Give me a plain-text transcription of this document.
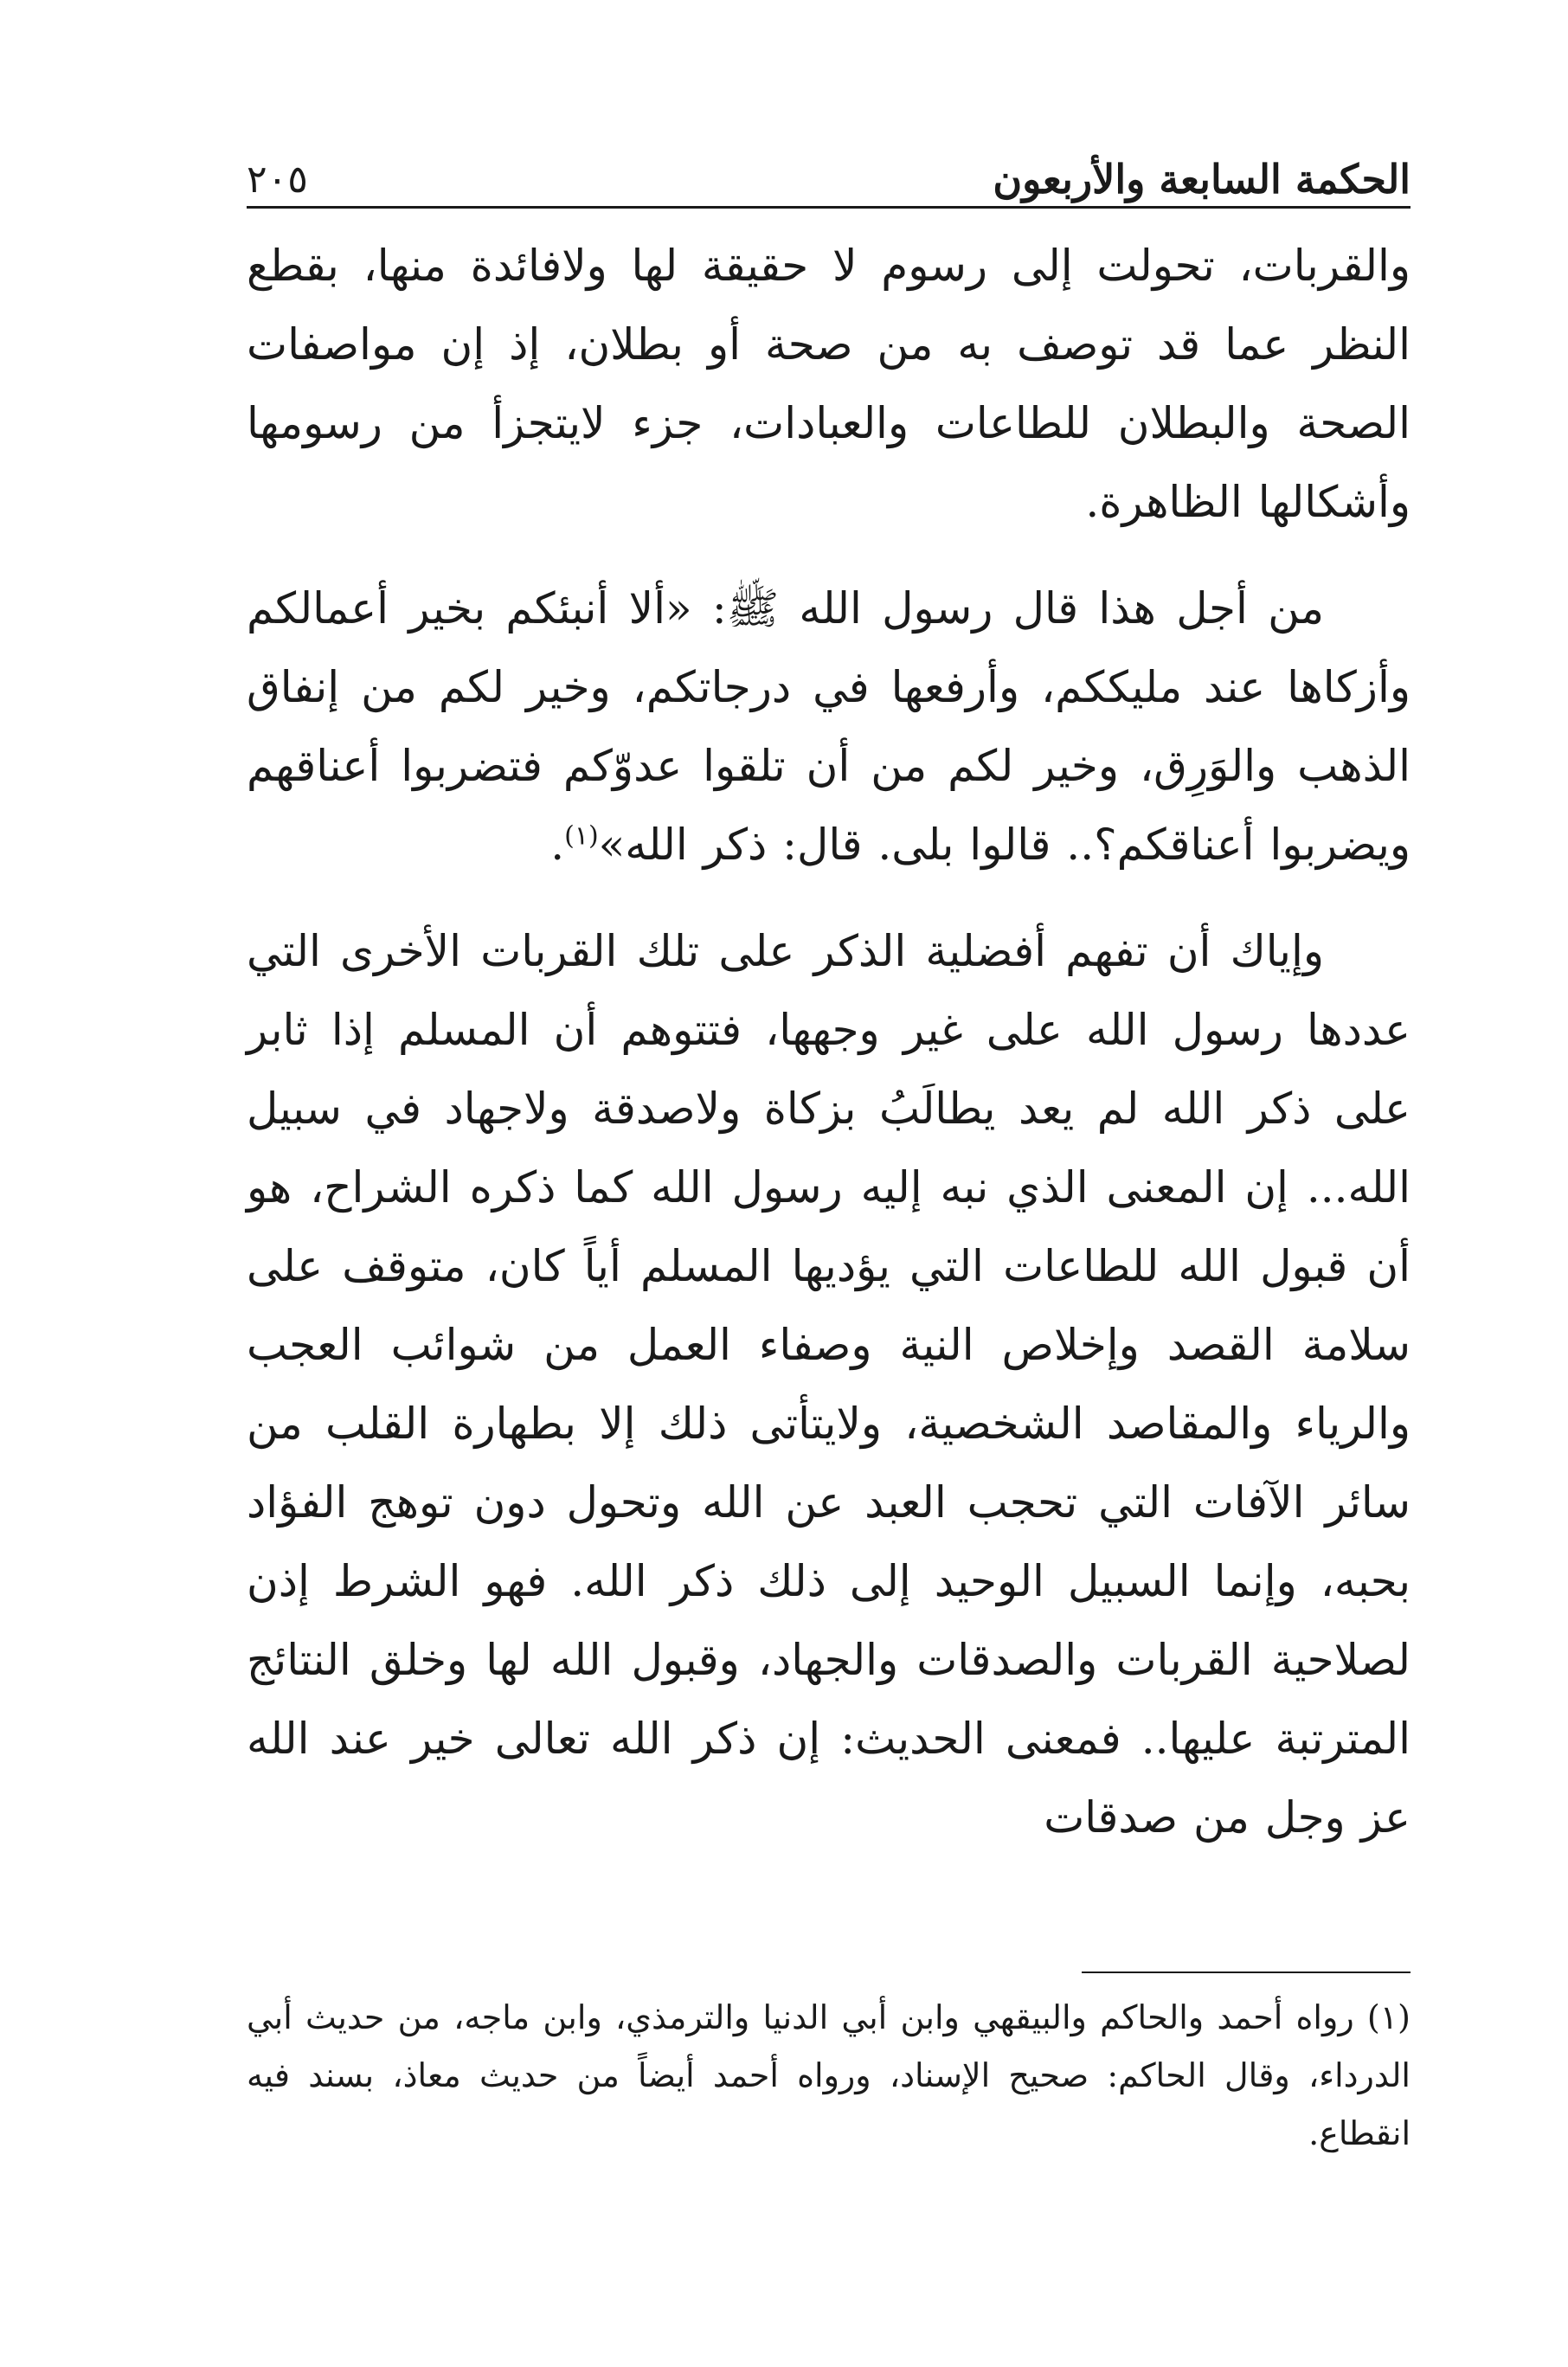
الحكمة السابعة والأربعون
٢٠٥

والقربات، تحولت إلى رسوم لا حقيقة لها ولافائدة منها، بقطع النظر عما قد توصف به من صحة أو بطلان، إذ إن مواصفات الصحة والبطلان للطاعات والعبادات، جزء لايتجزأ من رسومها وأشكالها الظاهرة.

من أجل هذا قال رسول الله ﷺ: «ألا أنبئكم بخير أعمالكم وأزكاها عند مليككم، وأرفعها في درجاتكم، وخير لكم من إنفاق الذهب والوَرِق، وخير لكم من أن تلقوا عدوّكم فتضربوا أعناقهم ويضربوا أعناقكم؟.. قالوا بلى. قال: ذكر الله»$^{(١)}$.

وإياك أن تفهم أفضلية الذكر على تلك القربات الأخرى التي عددها رسول الله على غير وجهها، فتتوهم أن المسلم إذا ثابر على ذكر الله لم يعد يطالَبُ بزكاة ولاصدقة ولاجهاد في سبيل الله... إن المعنى الذي نبه إليه رسول الله كما ذكره الشراح، هو أن قبول الله للطاعات التي يؤديها المسلم أياً كان، متوقف على سلامة القصد وإخلاص النية وصفاء العمل من شوائب العجب والرياء والمقاصد الشخصية، ولايتأتى ذلك إلا بطهارة القلب من سائر الآفات التي تحجب العبد عن الله وتحول دون توهج الفؤاد بحبه، وإنما السبيل الوحيد إلى ذلك ذكر الله. فهو الشرط إذن لصلاحية القربات والصدقات والجهاد، وقبول الله لها وخلق النتائج المترتبة عليها.. فمعنى الحديث: إن ذكر الله تعالى خير عند الله عز وجل من صدقات

(١) رواه أحمد والحاكم والبيقهي وابن أبي الدنيا والترمذي، وابن ماجه، من حديث أبي الدرداء، وقال الحاكم: صحيح الإسناد، ورواه أحمد أيضاً من حديث معاذ، بسند فيه انقطاع.
